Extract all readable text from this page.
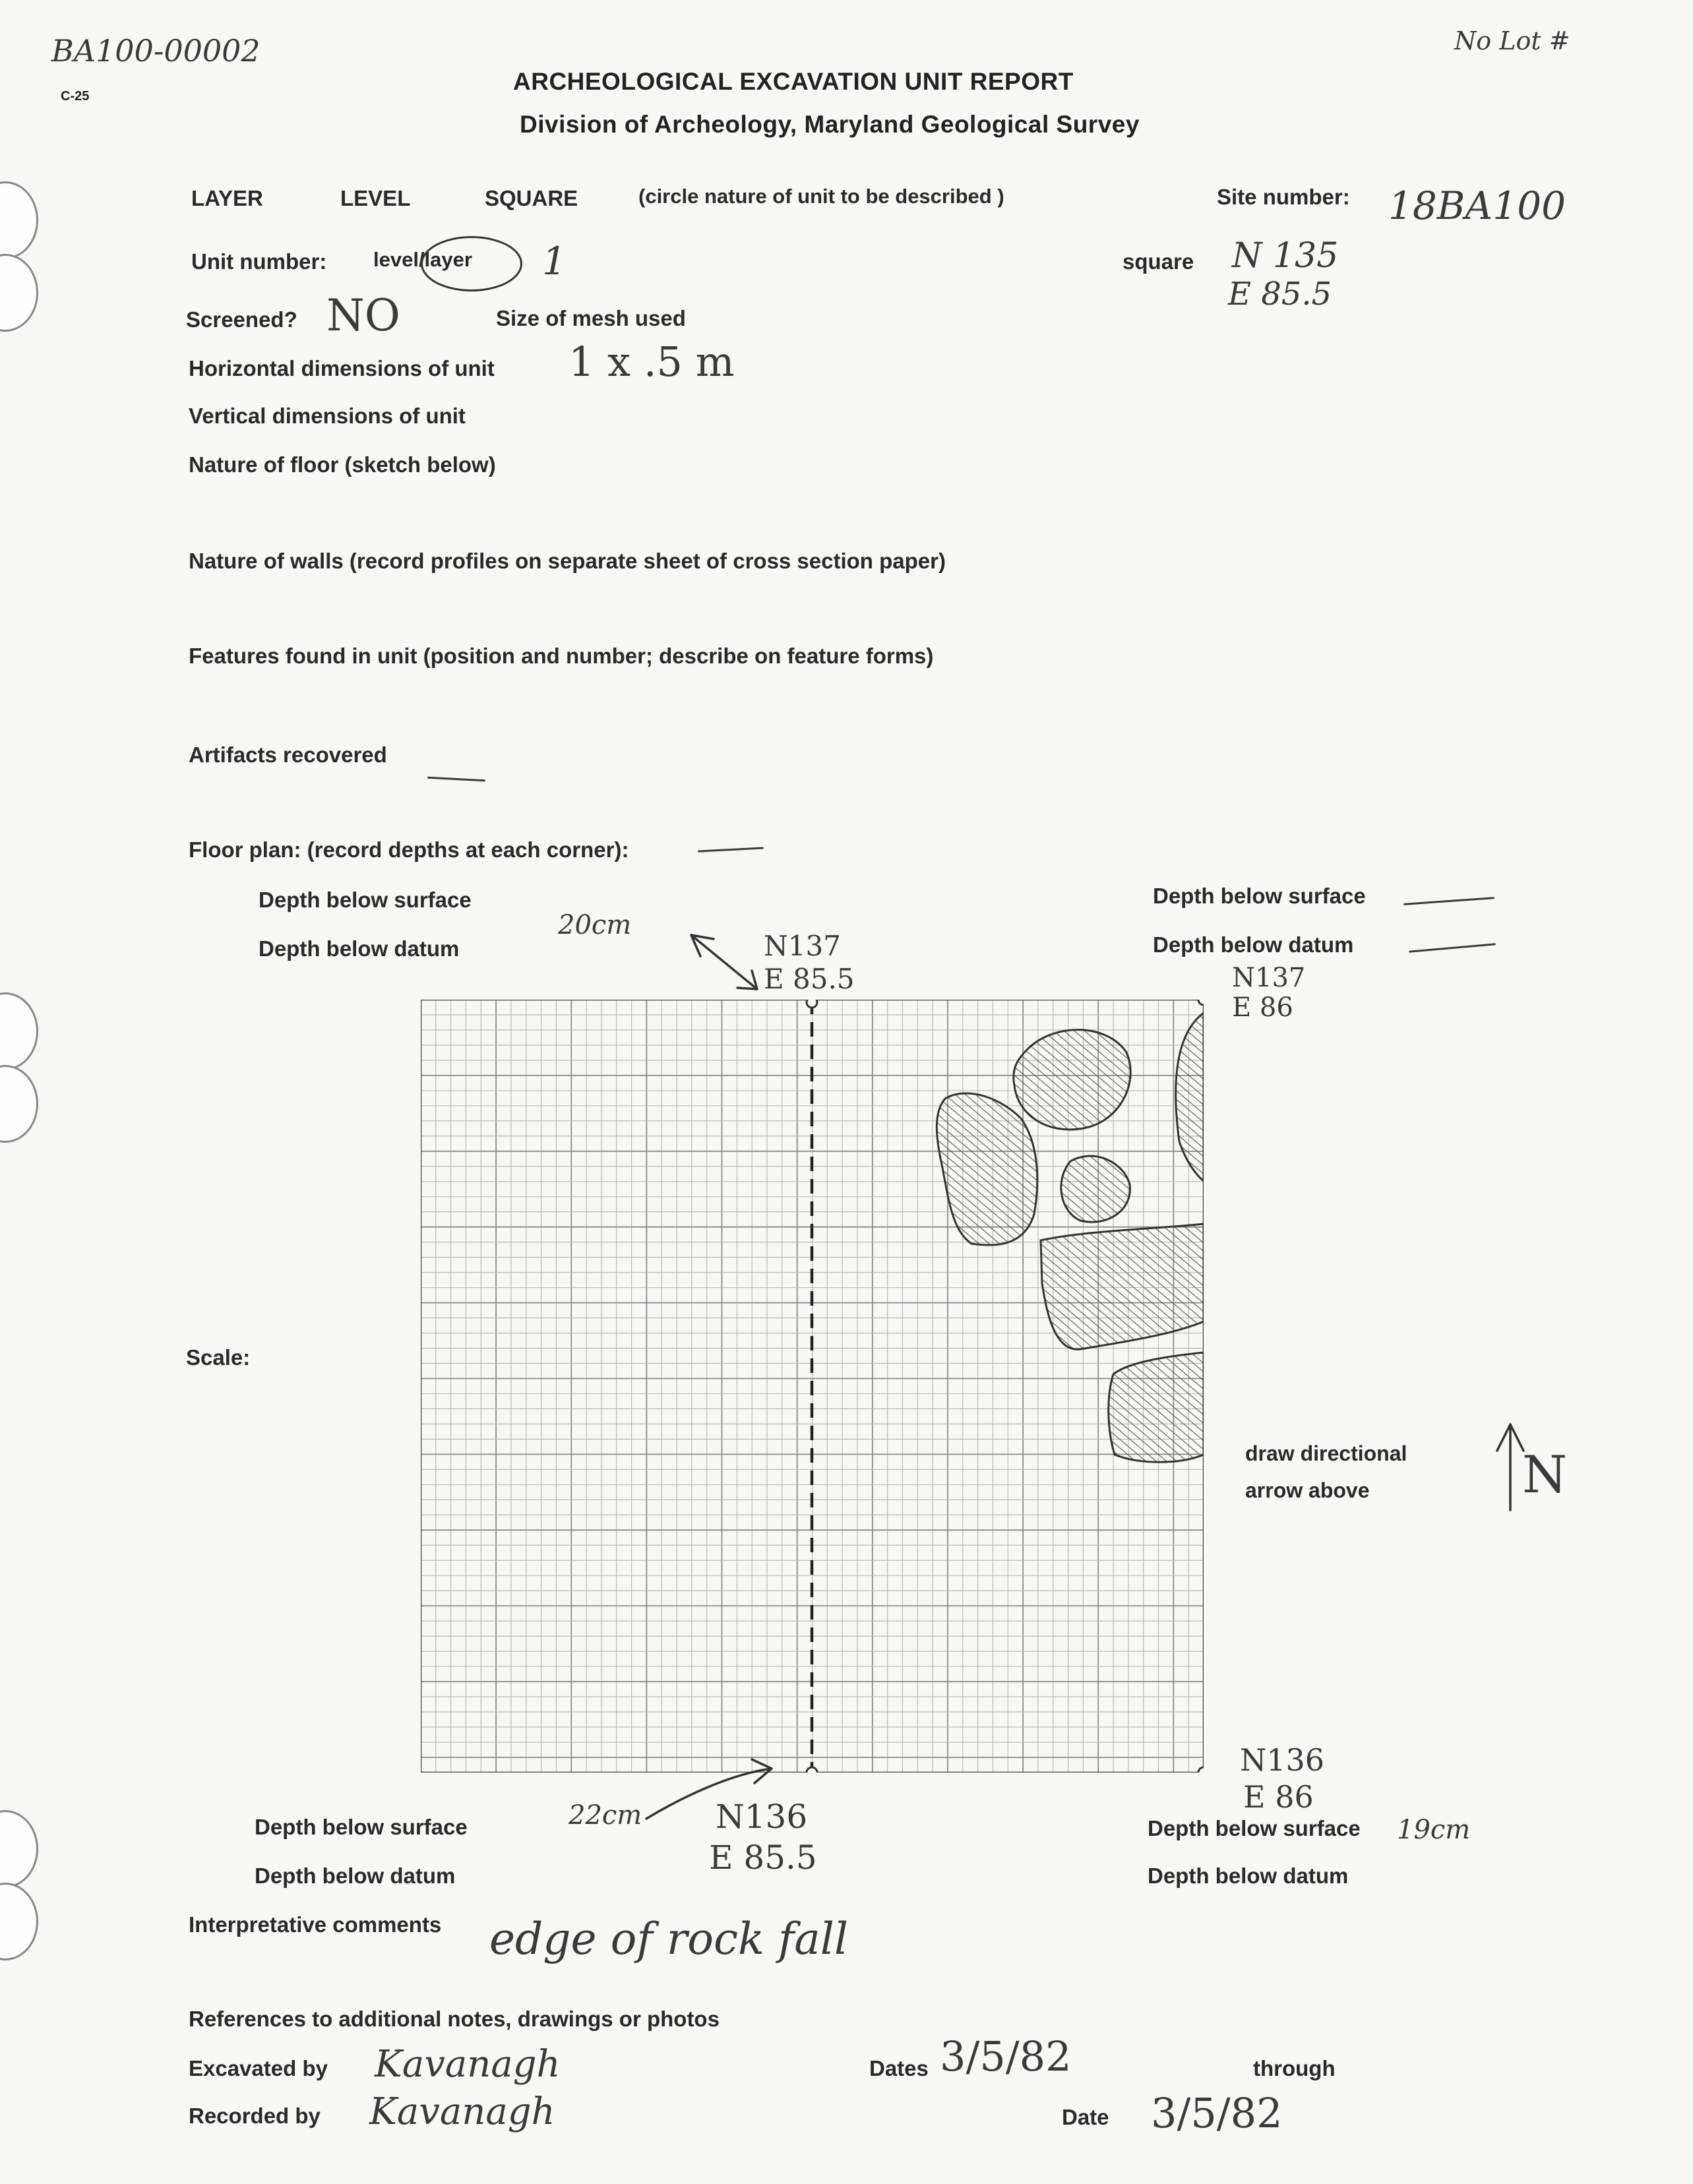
BA100-00002
C-25
No Lot #
ARCHEOLOGICAL EXCAVATION UNIT REPORT
Division of Archeology, Maryland Geological Survey
LAYER	LEVEL	SQUARE	(circle nature of unit to be described )	Site number: 18BA100
Unit number: level/layer 1	square N 135
E 85.5
Screened? NO	Size of mesh used
Horizontal dimensions of unit 1 x .5 m
Vertical dimensions of unit
Nature of floor (sketch below)
Nature of walls (record profiles on separate sheet of cross section paper)
Features found in unit (position and number; describe on feature forms)
Artifacts recovered
Floor plan: (record depths at each corner):
Depth below surface
Depth below datum
20cm
N137
E 85.5
Depth below surface
Depth below datum
N137
E 86
Scale:
draw directional
arrow above	N
Depth below surface
Depth below datum
22cm N136
E 85.5
N136
E 86
Depth below surface 19cm
Depth below datum
Interpretative comments edge of rock fall
References to additional notes, drawings or photos
Excavated by Kavanagh
Recorded by Kavanagh
Dates 3/5/82	through
Date 3/5/82
